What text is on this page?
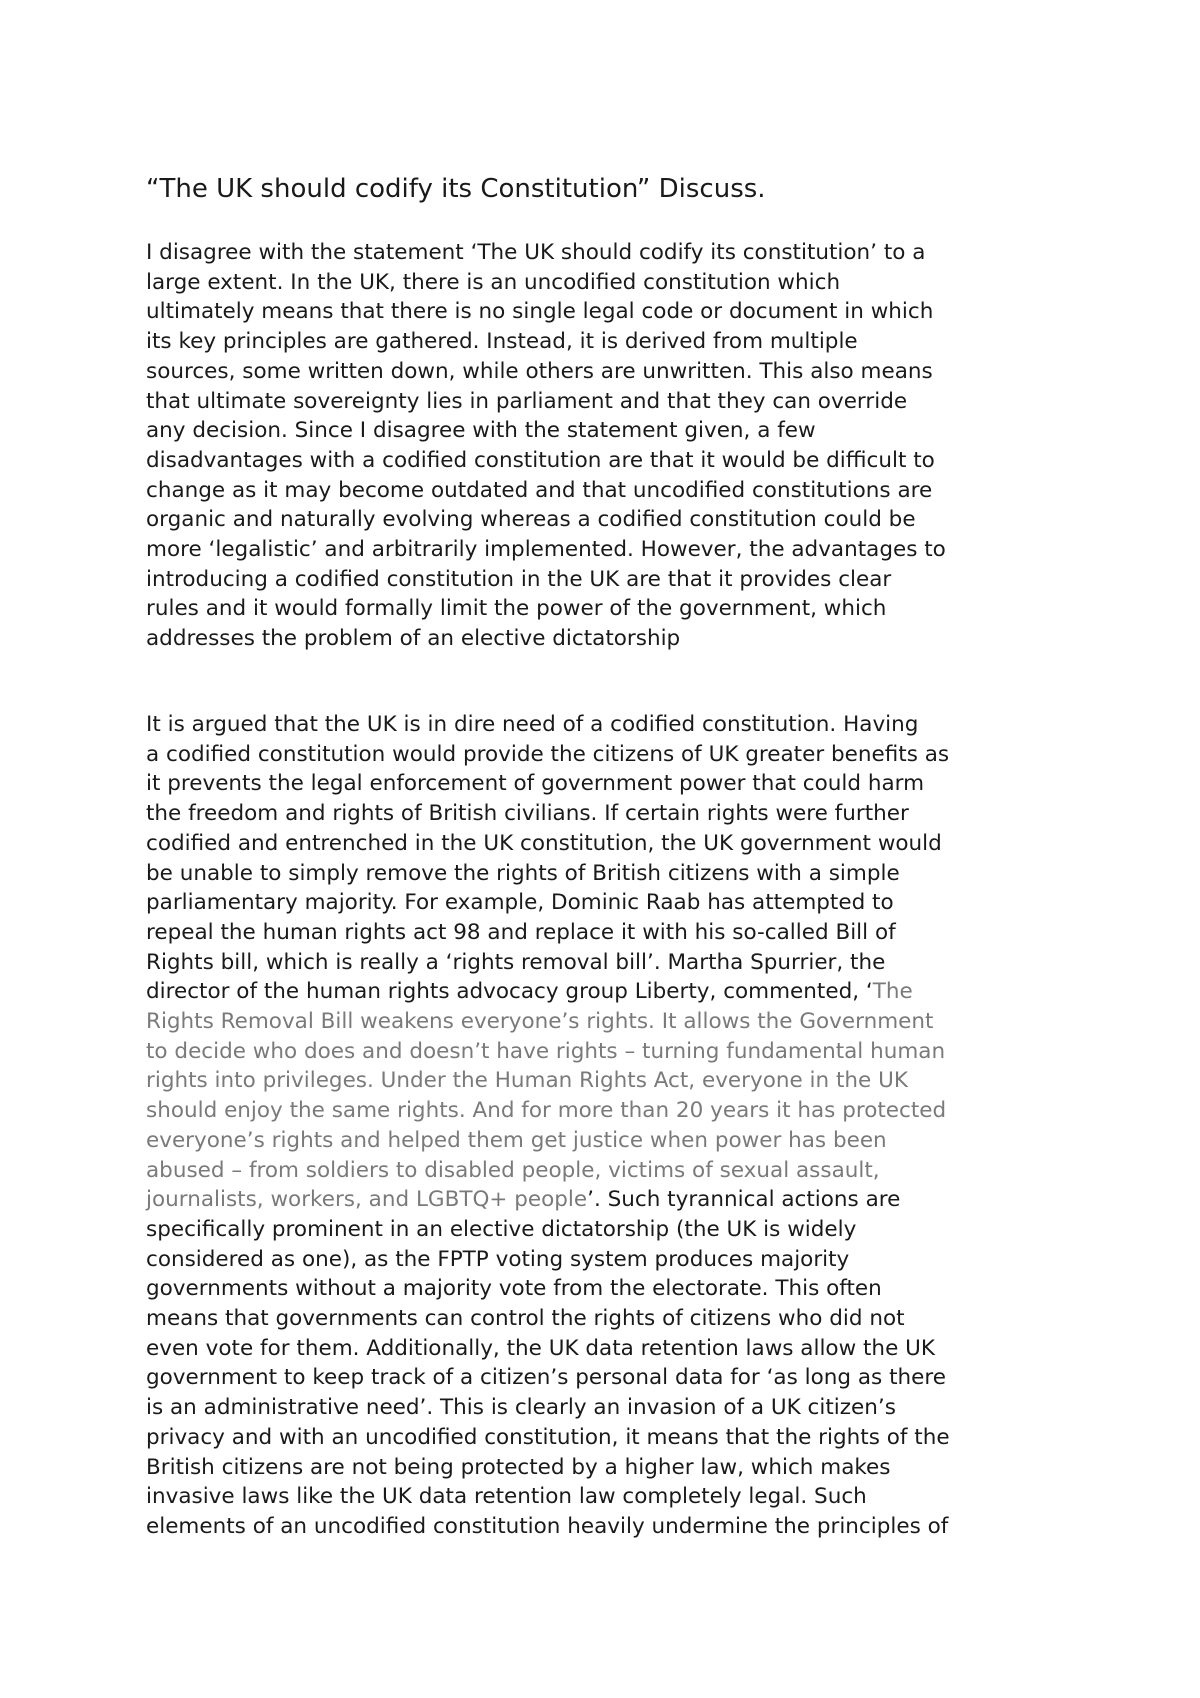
“The UK should codify its Constitution” Discuss.
I disagree with the statement ‘The UK should codify its constitution’ to a
large extent. In the UK, there is an uncodified constitution which
ultimately means that there is no single legal code or document in which
its key principles are gathered. Instead, it is derived from multiple
sources, some written down, while others are unwritten. This also means
that ultimate sovereignty lies in parliament and that they can override
any decision. Since I disagree with the statement given, a few
disadvantages with a codified constitution are that it would be difficult to
change as it may become outdated and that uncodified constitutions are
organic and naturally evolving whereas a codified constitution could be
more ‘legalistic’ and arbitrarily implemented. However, the advantages to
introducing a codified constitution in the UK are that it provides clear
rules and it would formally limit the power of the government, which
addresses the problem of an elective dictatorship
It is argued that the UK is in dire need of a codified constitution. Having
a codified constitution would provide the citizens of UK greater benefits as
it prevents the legal enforcement of government power that could harm
the freedom and rights of British civilians. If certain rights were further
codified and entrenched in the UK constitution, the UK government would
be unable to simply remove the rights of British citizens with a simple
parliamentary majority. For example, Dominic Raab has attempted to
repeal the human rights act 98 and replace it with his so-called Bill of
Rights bill, which is really a ‘rights removal bill’. Martha Spurrier, the
director of the human rights advocacy group Liberty, commented, ‘The
Rights Removal Bill weakens everyone’s rights. It allows the Government
to decide who does and doesn’t have rights – turning fundamental human
rights into privileges. Under the Human Rights Act, everyone in the UK
should enjoy the same rights. And for more than 20 years it has protected
everyone’s rights and helped them get justice when power has been
abused – from soldiers to disabled people, victims of sexual assault,
journalists, workers, and LGBTQ+ people’. Such tyrannical actions are
specifically prominent in an elective dictatorship (the UK is widely
considered as one), as the FPTP voting system produces majority
governments without a majority vote from the electorate. This often
means that governments can control the rights of citizens who did not
even vote for them. Additionally, the UK data retention laws allow the UK
government to keep track of a citizen’s personal data for ‘as long as there
is an administrative need’. This is clearly an invasion of a UK citizen’s
privacy and with an uncodified constitution, it means that the rights of the
British citizens are not being protected by a higher law, which makes
invasive laws like the UK data retention law completely legal. Such
elements of an uncodified constitution heavily undermine the principles of
